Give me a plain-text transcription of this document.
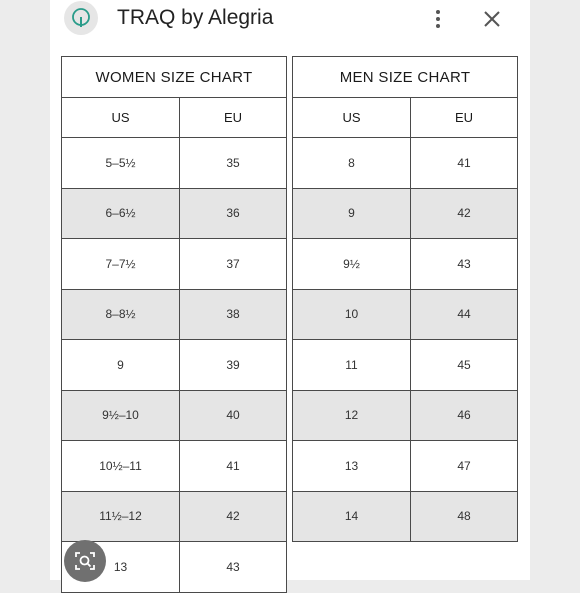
TRAQ by Alegria
WOMEN SIZE CHART	
US	EU
5–5½	35
6–6½	36
7–7½	37
8–8½	38
9	39
9½–10	40
10½–11	41
11½–12	42
13	43
MEN SIZE CHART	
US	EU
8	41
9	42
9½	43
10	44
11	45
12	46
13	47
14	48
